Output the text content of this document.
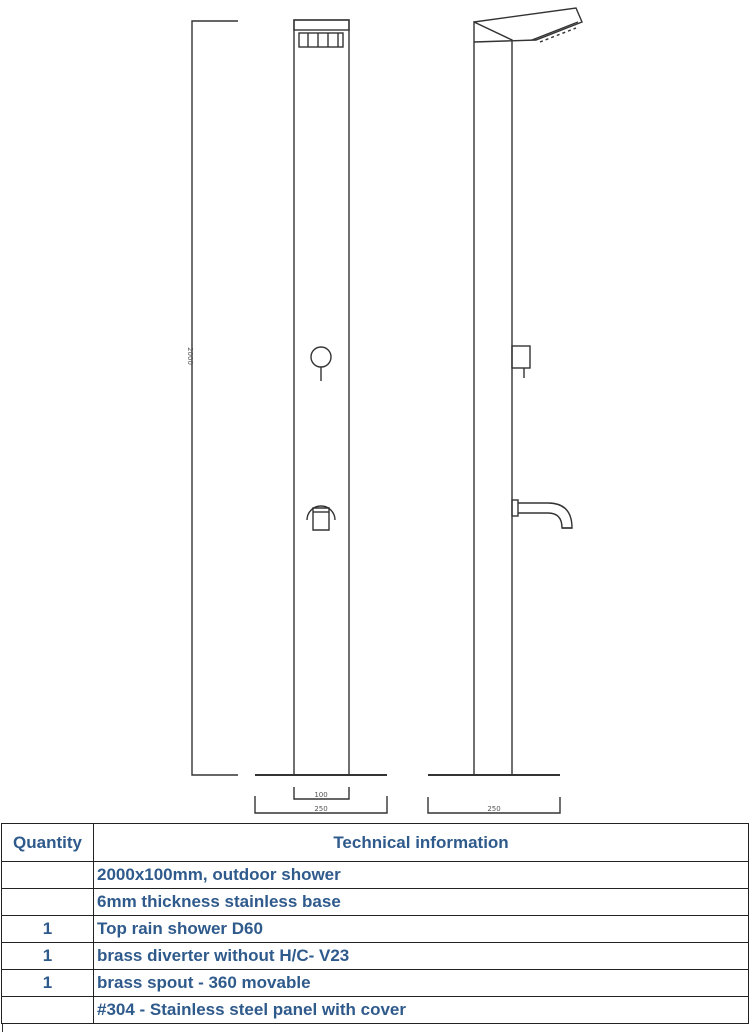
2000
100
250	250
Quantity	Technical information
	2000x100mm, outdoor shower
	6mm thickness stainless base
1	Top rain shower D60
1	brass diverter without H/C- V23
1	brass spout - 360 movable
	#304 - Stainless steel panel with cover
